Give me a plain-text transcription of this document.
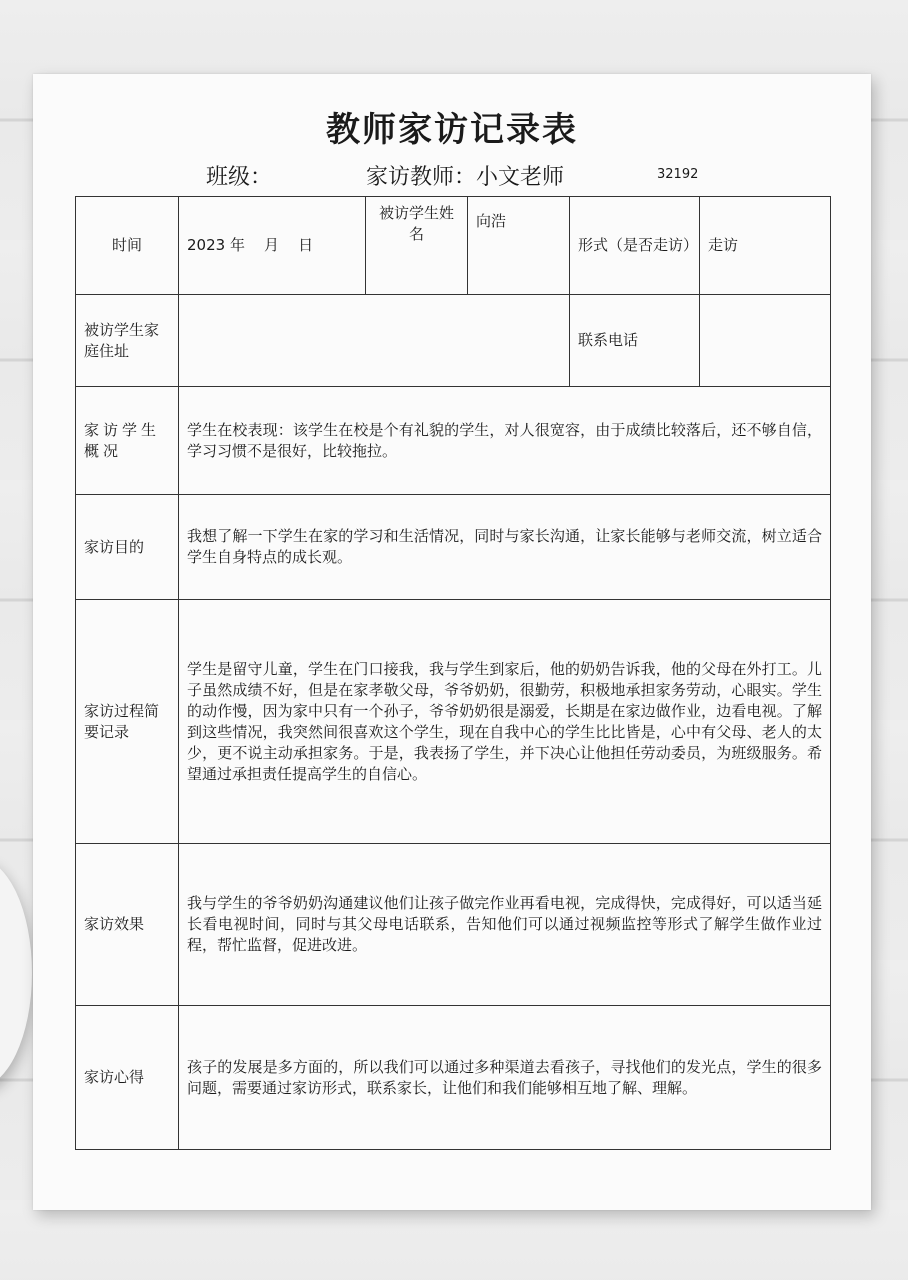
教师家访记录表
班级：	家访教师：小文老师	32192
时间	2023 年    月    日	被访学生姓名	向浩	形式（是否走访）	走访
被访学生家庭住址				联系电话	
家访学生概况	学生在校表现：该学生在校是个有礼貌的学生，对人很宽容，由于成绩比较落后，还不够自信，学习习惯不是很好，比较拖拉。				
家访目的	我想了解一下学生在家的学习和生活情况，同时与家长沟通，让家长能够与老师交流，树立适合学生自身特点的成长观。				
家访过程简要记录	学生是留守儿童，学生在门口接我，我与学生到家后，他的奶奶告诉我，他的父母在外打工。儿子虽然成绩不好，但是在家孝敬父母，爷爷奶奶，很勤劳，积极地承担家务劳动，心眼实。学生的动作慢，因为家中只有一个孙子，爷爷奶奶很是溺爱，长期是在家边做作业，边看电视。了解到这些情况，我突然间很喜欢这个学生，现在自我中心的学生比比皆是，心中有父母、老人的太少，更不说主动承担家务。于是，我表扬了学生，并下决心让他担任劳动委员，为班级服务。希望通过承担责任提高学生的自信心。				
家访效果	我与学生的爷爷奶奶沟通建议他们让孩子做完作业再看电视，完成得快，完成得好，可以适当延长看电视时间，同时与其父母电话联系，告知他们可以通过视频监控等形式了解学生做作业过程，帮忙监督，促进改进。				
家访心得	孩子的发展是多方面的，所以我们可以通过多种渠道去看孩子，寻找他们的发光点，学生的很多问题，需要通过家访形式，联系家长，让他们和我们能够相互地了解、理解。				
